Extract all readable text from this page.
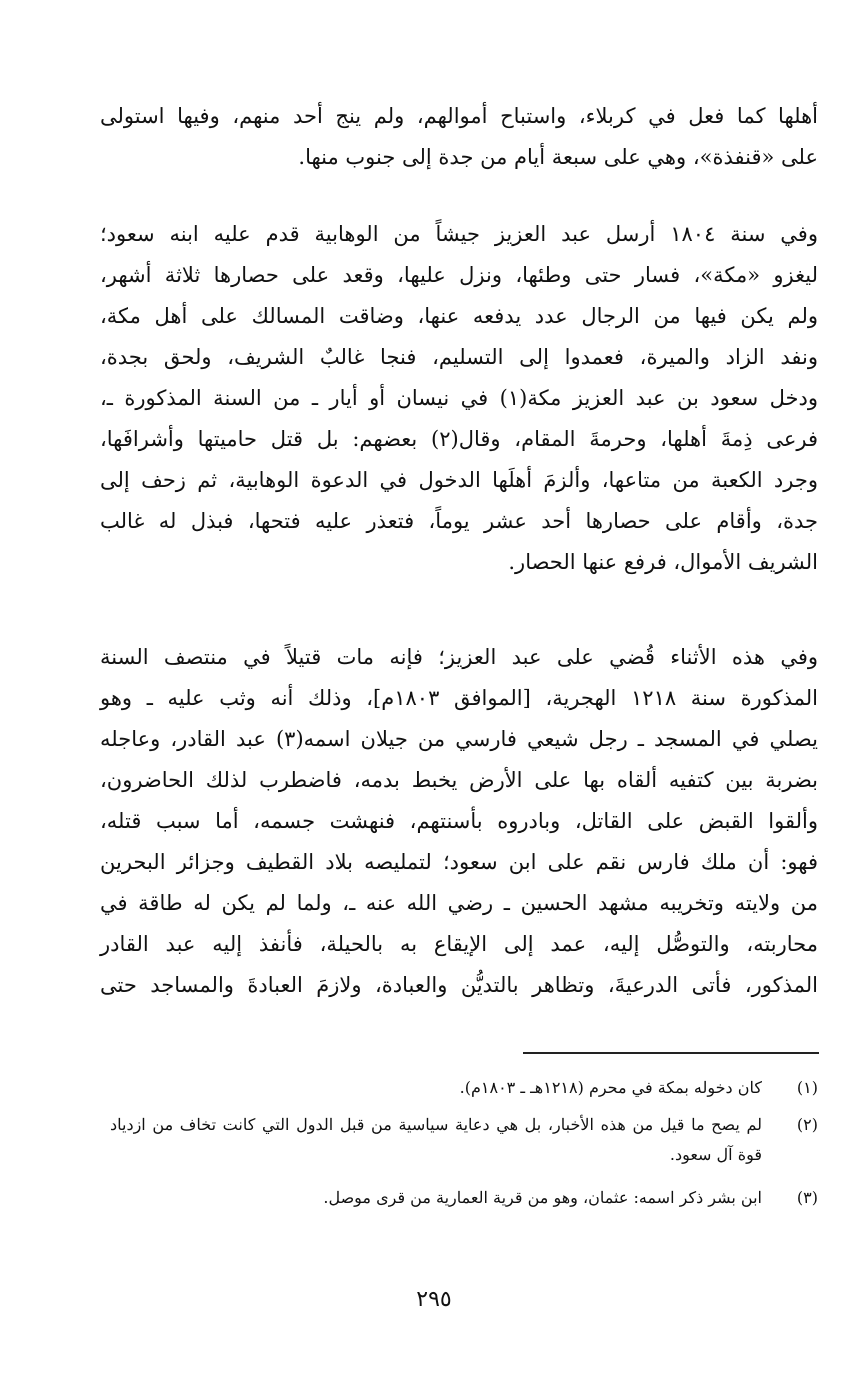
أهلها كما فعل في كربلاء، واستباح أموالهم، ولم ينج أحد منهم، وفيها استولى
على «قنفذة»، وهي على سبعة أيام من جدة إلى جنوب منها.
وفي سنة ١٨٠٤ أرسل عبد العزيز جيشاً من الوهابية قدم عليه ابنه سعود؛
ليغزو «مكة»، فسار حتى وطئها، ونزل عليها، وقعد على حصارها ثلاثة أشهر،
ولم يكن فيها من الرجال عدد يدفعه عنها، وضاقت المسالك على أهل مكة،
ونفد الزاد والميرة، فعمدوا إلى التسليم، فنجا غالبٌ الشريف، ولحق بجدة،
ودخل سعود بن عبد العزيز مكة(١) في نيسان أو أيار ـ من السنة المذكورة ـ،
فرعى ذِمةَ أهلها، وحرمةَ المقام، وقال(٢) بعضهم: بل قتل حاميتها وأشرافَها،
وجرد الكعبة من متاعها، وألزمَ أهلَها الدخول في الدعوة الوهابية، ثم زحف إلى
جدة، وأقام على حصارها أحد عشر يوماً، فتعذر عليه فتحها، فبذل له غالب
الشريف الأموال، فرفع عنها الحصار.
وفي هذه الأثناء قُضي على عبد العزيز؛ فإنه مات قتيلاً في منتصف السنة
المذكورة سنة ١٢١٨ الهجرية، [الموافق ١٨٠٣م]، وذلك أنه وثب عليه ـ وهو
يصلي في المسجد ـ رجل شيعي فارسي من جيلان اسمه(٣) عبد القادر، وعاجله
بضربة بين كتفيه ألقاه بها على الأرض يخبط بدمه، فاضطرب لذلك الحاضرون،
وألقوا القبض على القاتل، وبادروه بأسنتهم، فنهشت جسمه، أما سبب قتله،
فهو: أن ملك فارس نقم على ابن سعود؛ لتمليصه بلاد القطيف وجزائر البحرين
من ولايته وتخريبه مشهد الحسين ـ رضي الله عنه ـ، ولما لم يكن له طاقة في
محاربته، والتوصُّل إليه، عمد إلى الإيقاع به بالحيلة، فأنفذ إليه عبد القادر
المذكور، فأتى الدرعيةَ، وتظاهر بالتديُّن والعبادة، ولازمَ العبادةَ والمساجد حتى
(١)
كان دخوله بمكة في محرم (١٢١٨هـ ـ ١٨٠٣م).
(٢)
لم يصح ما قيل من هذه الأخبار، بل هي دعاية سياسية من قبل الدول التي كانت تخاف من ازدياد قوة آل سعود.
(٣)
ابن بشر ذكر اسمه: عثمان، وهو من قرية العمارية من قرى موصل.
٢٩٥
